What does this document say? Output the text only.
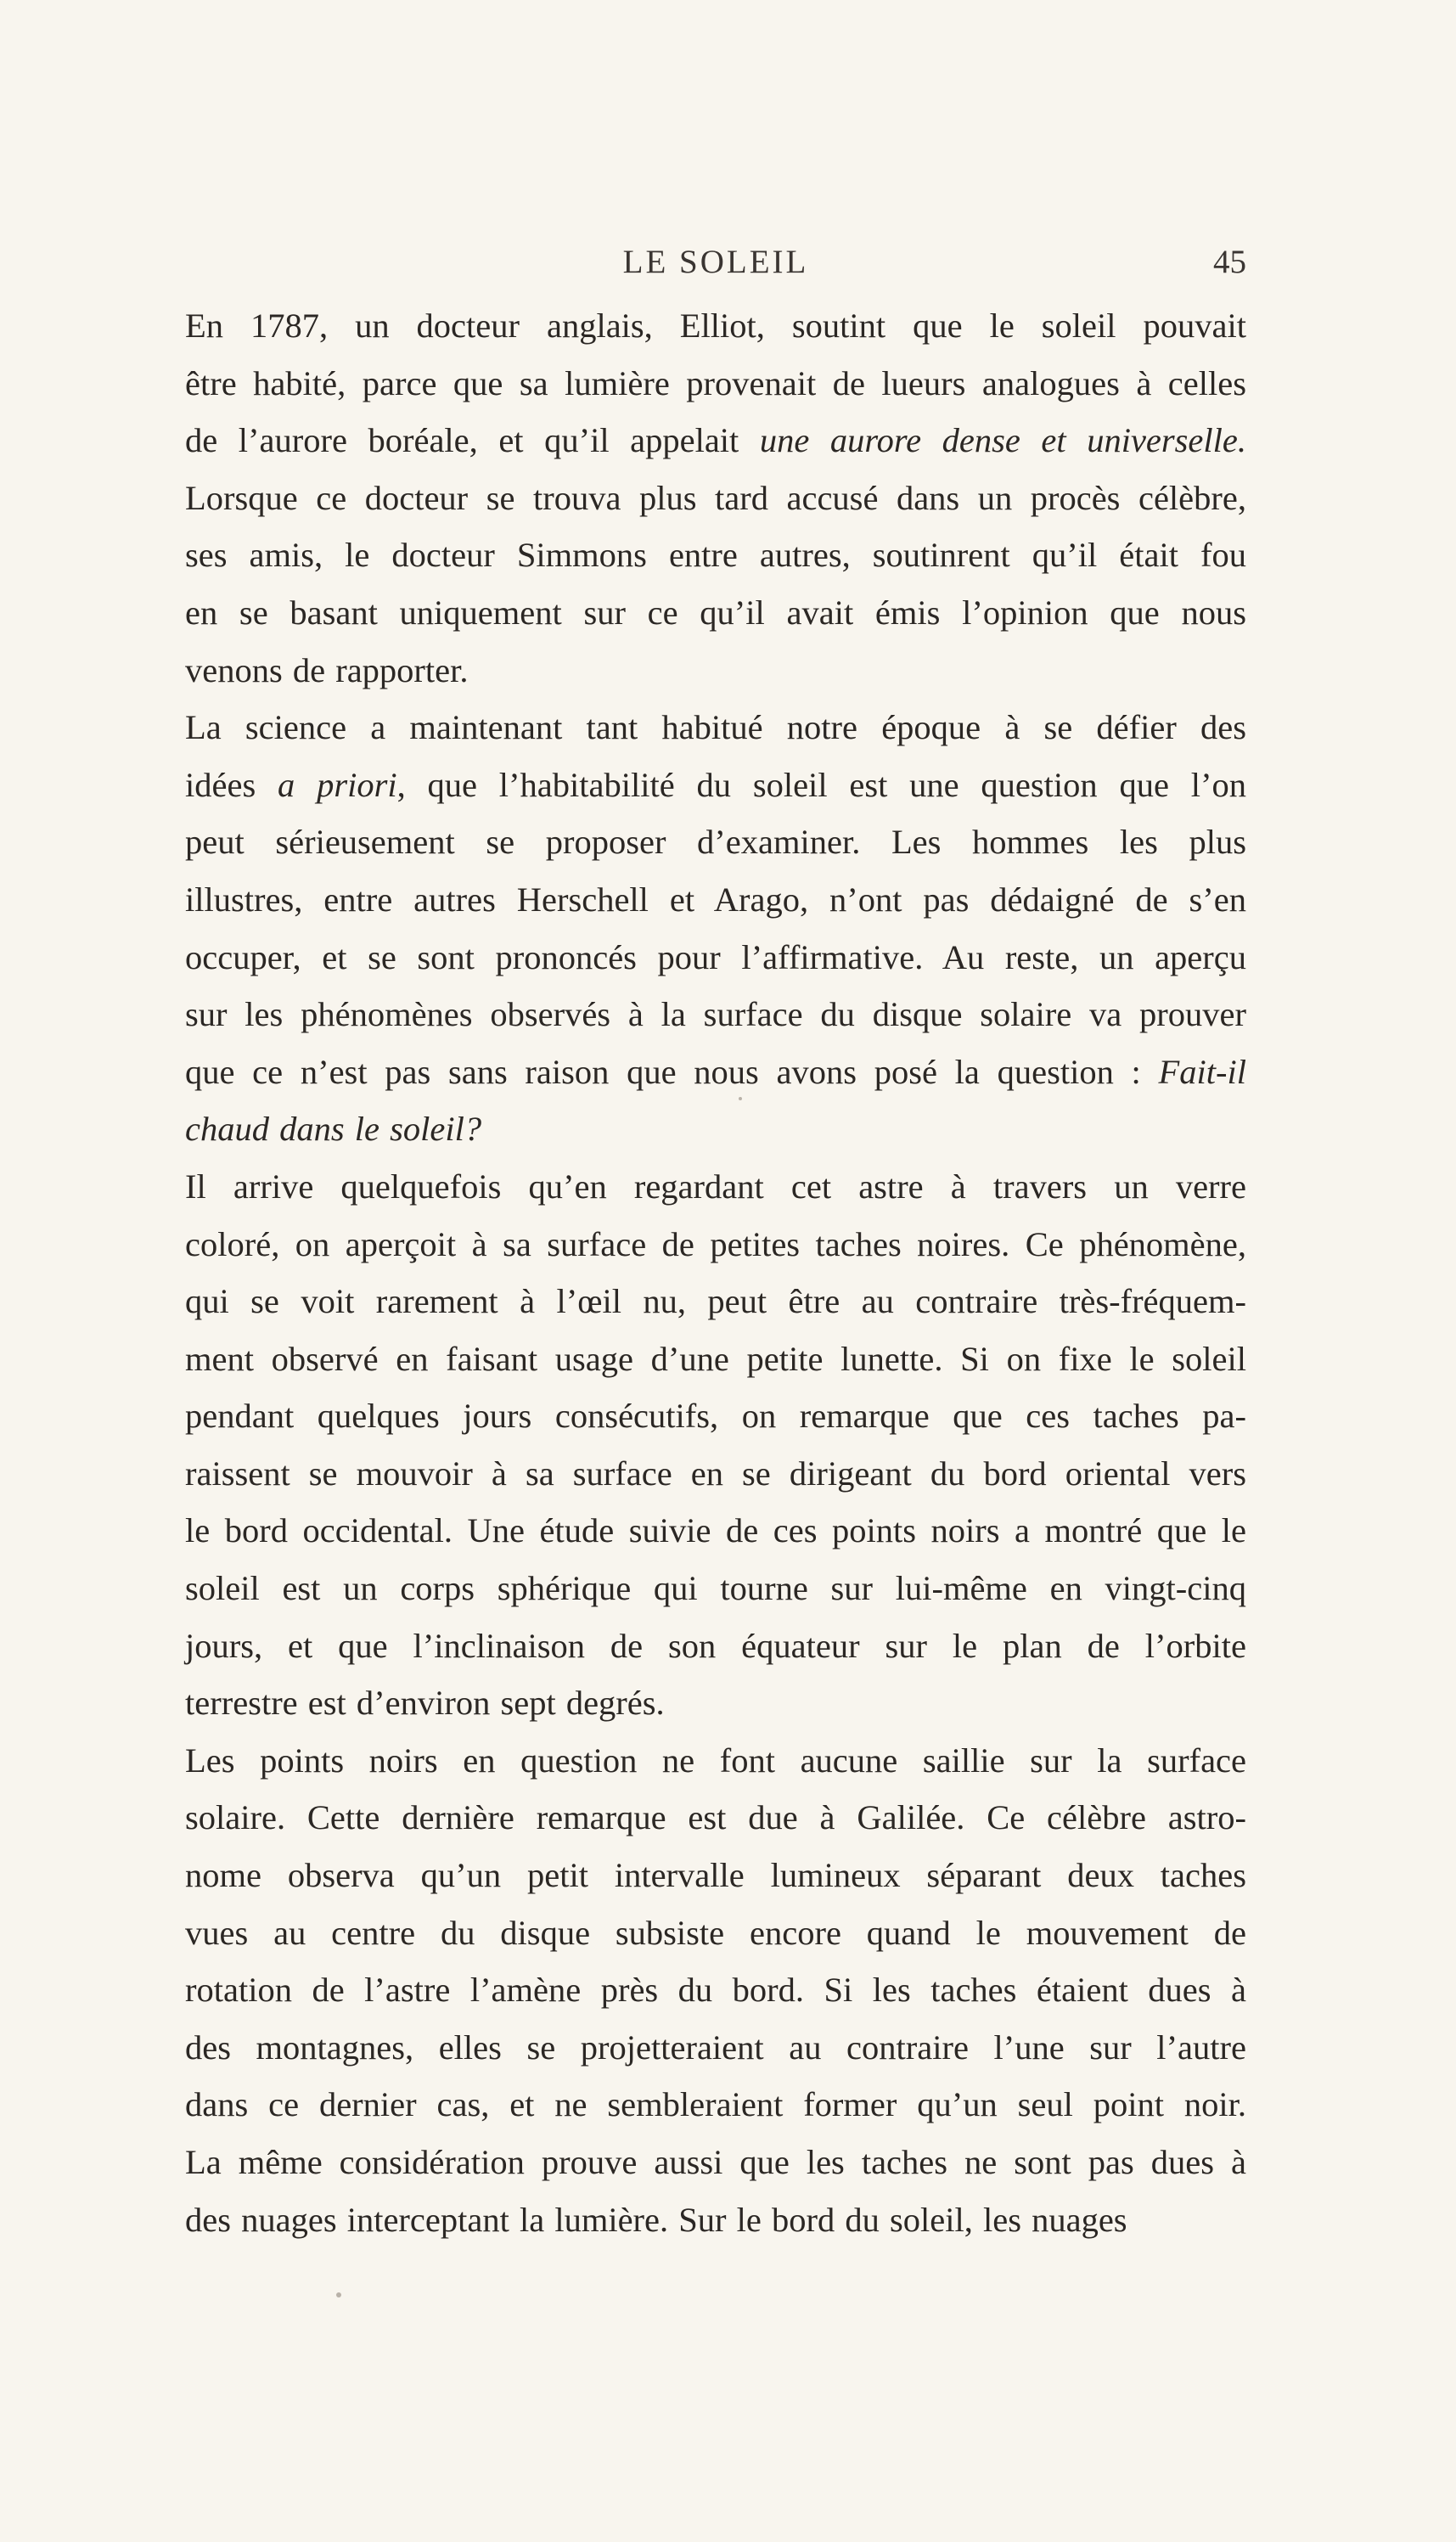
LE SOLEIL	45

En 1787, un docteur anglais, Elliot, soutint que le soleil pouvait
être habité, parce que sa lumière provenait de lueurs analogues à celles
de l’aurore boréale, et qu’il appelait une aurore dense et universelle.
Lorsque ce docteur se trouva plus tard accusé dans un procès célèbre,
ses amis, le docteur Simmons entre autres, soutinrent qu’il était fou
en se basant uniquement sur ce qu’il avait émis l’opinion que nous
venons de rapporter.

La science a maintenant tant habitué notre époque à se défier des
idées a priori, que l’habitabilité du soleil est une question que l’on
peut sérieusement se proposer d’examiner. Les hommes les plus
illustres, entre autres Herschell et Arago, n’ont pas dédaigné de s’en
occuper, et se sont prononcés pour l’affirmative. Au reste, un aperçu
sur les phénomènes observés à la surface du disque solaire va prouver
que ce n’est pas sans raison que nous avons posé la question : Fait-il
chaud dans le soleil?

Il arrive quelquefois qu’en regardant cet astre à travers un verre
coloré, on aperçoit à sa surface de petites taches noires. Ce phénomène,
qui se voit rarement à l’œil nu, peut être au contraire très-fréquem-
ment observé en faisant usage d’une petite lunette. Si on fixe le soleil
pendant quelques jours consécutifs, on remarque que ces taches pa-
raissent se mouvoir à sa surface en se dirigeant du bord oriental vers
le bord occidental. Une étude suivie de ces points noirs a montré que le
soleil est un corps sphérique qui tourne sur lui-même en vingt-cinq
jours, et que l’inclinaison de son équateur sur le plan de l’orbite
terrestre est d’environ sept degrés.

Les points noirs en question ne font aucune saillie sur la surface
solaire. Cette dernière remarque est due à Galilée. Ce célèbre astro-
nome observa qu’un petit intervalle lumineux séparant deux taches
vues au centre du disque subsiste encore quand le mouvement de
rotation de l’astre l’amène près du bord. Si les taches étaient dues à
des montagnes, elles se projetteraient au contraire l’une sur l’autre
dans ce dernier cas, et ne sembleraient former qu’un seul point noir.
La même considération prouve aussi que les taches ne sont pas dues à
des nuages interceptant la lumière. Sur le bord du soleil, les nuages
